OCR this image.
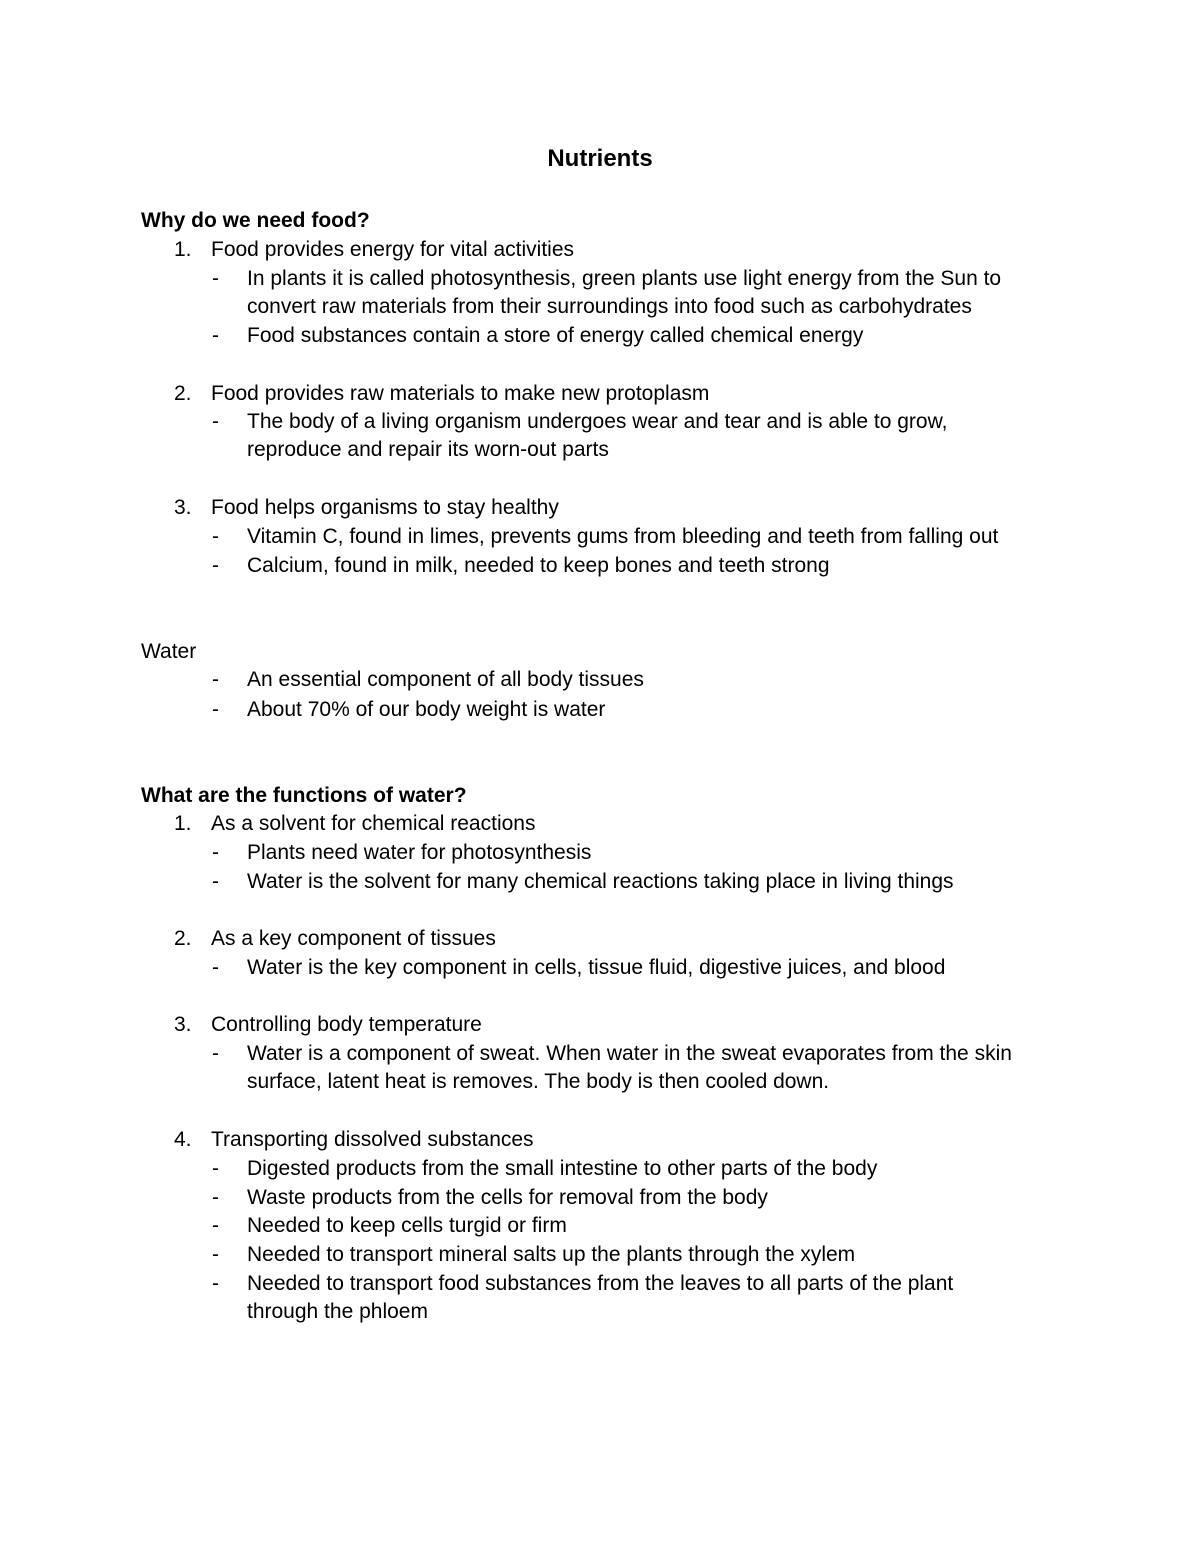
Nutrients
Why do we need food?
1. Food provides energy for vital activities
- In plants it is called photosynthesis, green plants use light energy from the Sun to
convert raw materials from their surroundings into food such as carbohydrates
- Food substances contain a store of energy called chemical energy
2. Food provides raw materials to make new protoplasm
- The body of a living organism undergoes wear and tear and is able to grow,
reproduce and repair its worn-out parts
3. Food helps organisms to stay healthy
- Vitamin C, found in limes, prevents gums from bleeding and teeth from falling out
- Calcium, found in milk, needed to keep bones and teeth strong
Water
- An essential component of all body tissues
- About 70% of our body weight is water
What are the functions of water?
1. As a solvent for chemical reactions
- Plants need water for photosynthesis
- Water is the solvent for many chemical reactions taking place in living things
2. As a key component of tissues
- Water is the key component in cells, tissue fluid, digestive juices, and blood
3. Controlling body temperature
- Water is a component of sweat. When water in the sweat evaporates from the skin
surface, latent heat is removes. The body is then cooled down.
4. Transporting dissolved substances
- Digested products from the small intestine to other parts of the body
- Waste products from the cells for removal from the body
- Needed to keep cells turgid or firm
- Needed to transport mineral salts up the plants through the xylem
- Needed to transport food substances from the leaves to all parts of the plant
through the phloem
